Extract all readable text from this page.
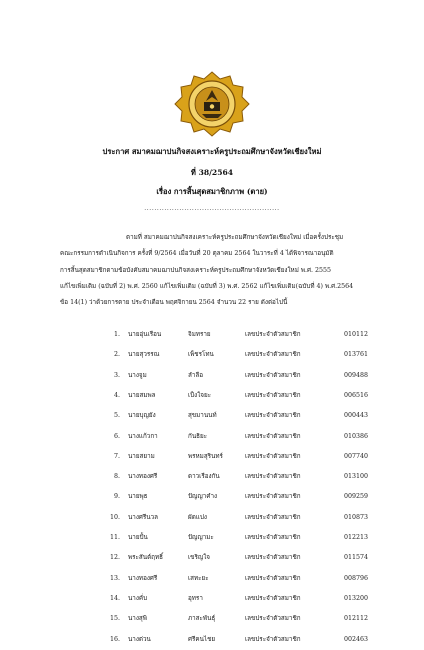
ประกาศ สมาคมฌาปนกิจสงเคราะห์ครูประถมศึกษาจังหวัดเชียงใหม่
ที่ 38/2564
เรื่อง การสิ้นสุดสมาชิกภาพ (ตาย)
......................................................
ตามที่ สมาคมฌาปนกิจสงเคราะห์ครูประถมศึกษาจังหวัดเชียงใหม่ เมื่อครั้งประชุม
คณะกรรมการดำเนินกิจการ ครั้งที่ 9/2564 เมื่อวันที่ 20 ตุลาคม 2564 ในวาระที่ 4 ได้พิจารณาอนุมัติ
การสิ้นสุดสมาชิกตามข้อบังคับสมาคมฌาปนกิจสงเคราะห์ครูประถมศึกษาจังหวัดเชียงใหม่ พ.ศ. 2555
แก้ไขเพิ่มเติม (ฉบับที่ 2) พ.ศ. 2560 แก้ไขเพิ่มเติม (ฉบับที่ 3) พ.ศ. 2562 แก้ไขเพิ่มเติม(ฉบับที่ 4) พ.ศ.2564
ข้อ 14(1) ว่าด้วยการตาย ประจำเดือน พฤศจิกายน 2564 จำนวน 22 ราย ดังต่อไปนี้
1. นายอุ่นเรือน	จิมทราย	เลขประจำตัวสมาชิก	010112
2. นายสุวรรณ	เพ็ชรโทน	เลขประจำตัวสมาชิก	013761
3. นางจูม	ลำลือ	เลขประจำตัวสมาชิก	009488
4. นายสมพล	เป็งใจยะ	เลขประจำตัวสมาชิก	006516
5. นายบุญยัง	สุขมานนท์	เลขประจำตัวสมาชิก	000443
6. นางแก้วกา	กันธิยะ	เลขประจำตัวสมาชิก	010386
7. นายสยาม	พรหมสุรินทร์	เลขประจำตัวสมาชิก	007740
8. นางทองศรี	ดาวเรืองกัน	เลขประจำตัวสมาชิก	013100
9. นายพุธ	ปัญญาคำง	เลขประจำตัวสมาชิก	009259
10. นางศรีนวล	ผัดแปง	เลขประจำตัวสมาชิก	010873
11. นายปั้น	ปัญญามะ	เลขประจำตัวสมาชิก	012213
12. พระสันต์ฤทธิ์	เขริญใจ	เลขประจำตัวสมาชิก	011574
13. นางทองศรี	เสทะยะ	เลขประจำตัวสมาชิก	008796
14. นางคั่บ	อุทรา	เลขประจำตัวสมาชิก	013200
15. นางสุพิ	ภาสะพันธุ์	เลขประจำตัวสมาชิก	012112
16. นางต่วน	ศรีคนไชย	เลขประจำตัวสมาชิก	002463
